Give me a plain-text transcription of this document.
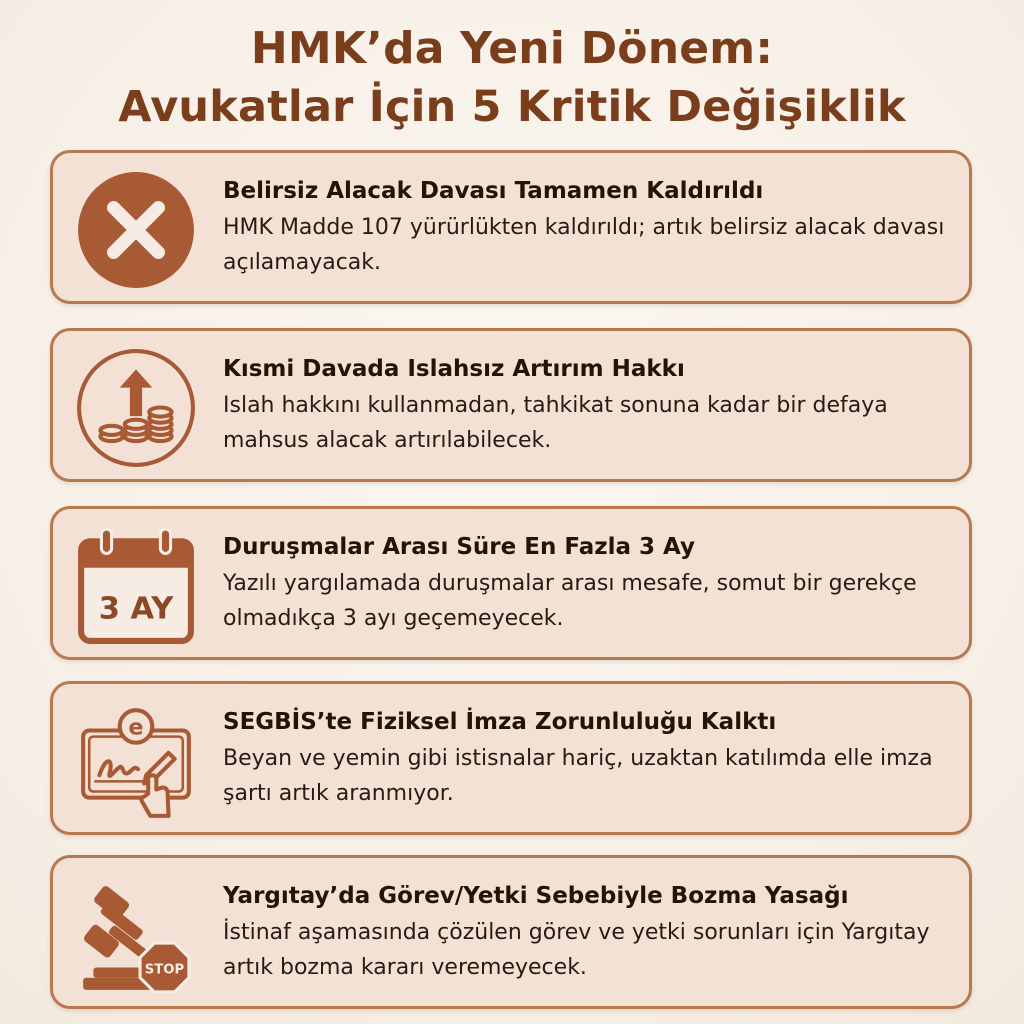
HMK’da Yeni Dönem:
Avukatlar İçin 5 Kritik Değişiklik
Belirsiz Alacak Davası Tamamen Kaldırıldı
HMK Madde 107 yürürlükten kaldırıldı; artık belirsiz alacak davası açılamayacak.
Kısmi Davada Islahsız Artırım Hakkı
Islah hakkını kullanmadan, tahkikat sonuna kadar bir defaya mahsus alacak artırılabilecek.
3 AY
Duruşmalar Arası Süre En Fazla 3 Ay
Yazılı yargılamada duruşmalar arası mesafe, somut bir gerekçe olmadıkça 3 ayı geçemeyecek.
e	SEGBİS’te Fiziksel İmza Zorunluluğu Kalktı
Beyan ve yemin gibi istisnalar hariç, uzaktan katılımda elle imza şartı artık aranmıyor.
STOP
Yargıtay’da Görev/Yetki Sebebiyle Bozma Yasağı
İstinaf aşamasında çözülen görev ve yetki sorunları için Yargıtay artık bozma kararı veremeyecek.
